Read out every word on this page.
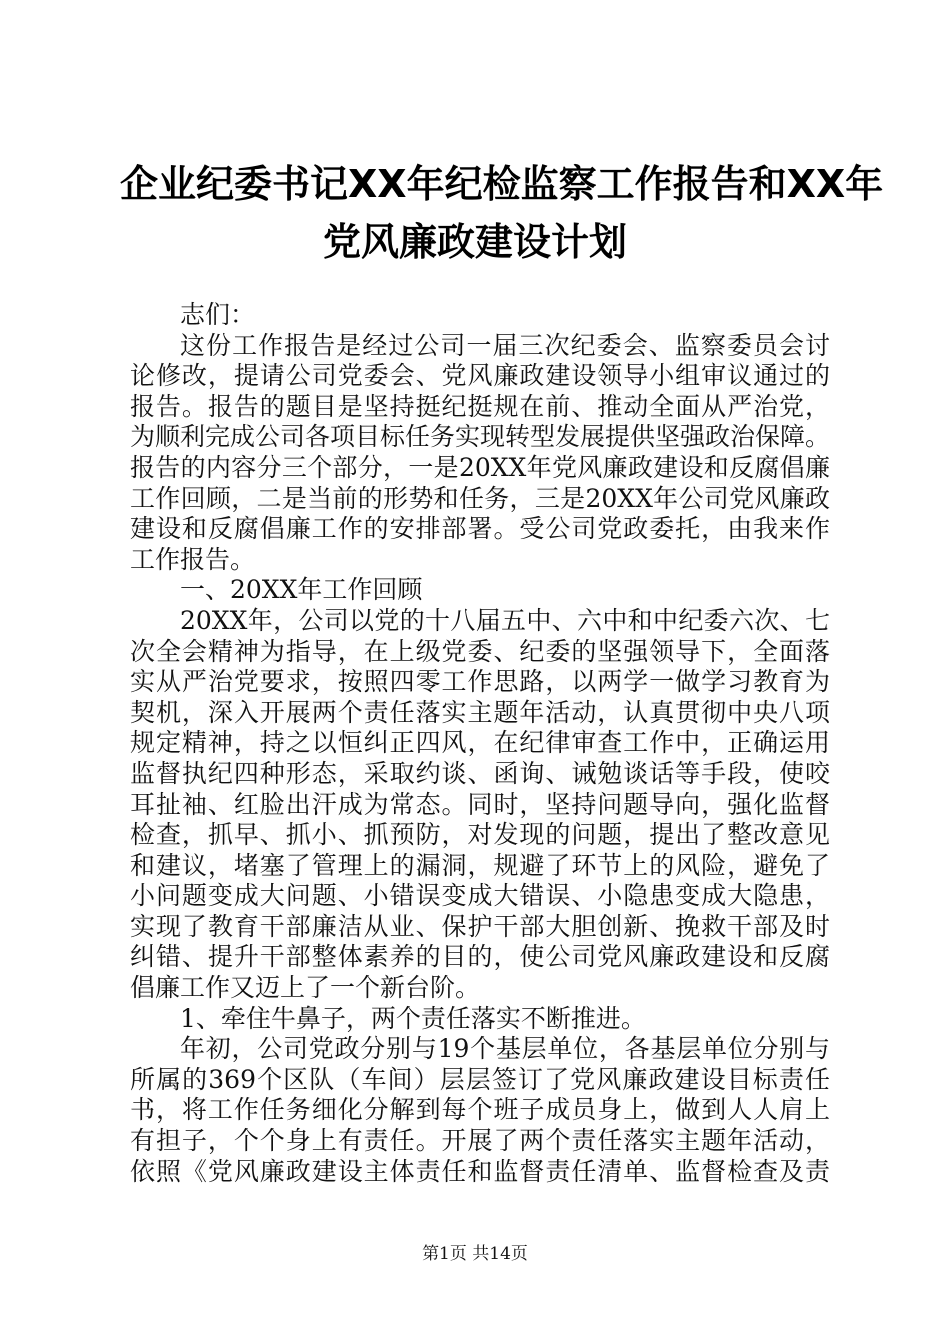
企业纪委书记XX年纪检监察工作报告和XX年
党风廉政建设计划
志们：
这份工作报告是经过公司一届三次纪委会、监察委员会讨
论修改，提请公司党委会、党风廉政建设领导小组审议通过的
报告。报告的题目是坚持挺纪挺规在前、推动全面从严治党，
为顺利完成公司各项目标任务实现转型发展提供坚强政治保障。
报告的内容分三个部分，一是20XX年党风廉政建设和反腐倡廉
工作回顾，二是当前的形势和任务，三是20XX年公司党风廉政
建设和反腐倡廉工作的安排部署。受公司党政委托，由我来作
工作报告。
一、20XX年工作回顾
20XX年，公司以党的十八届五中、六中和中纪委六次、七
次全会精神为指导，在上级党委、纪委的坚强领导下，全面落
实从严治党要求，按照四零工作思路，以两学一做学习教育为
契机，深入开展两个责任落实主题年活动，认真贯彻中央八项
规定精神，持之以恒纠正四风，在纪律审查工作中，正确运用
监督执纪四种形态，采取约谈、函询、诫勉谈话等手段，使咬
耳扯袖、红脸出汗成为常态。同时，坚持问题导向，强化监督
检查，抓早、抓小、抓预防，对发现的问题，提出了整改意见
和建议，堵塞了管理上的漏洞，规避了环节上的风险，避免了
小问题变成大问题、小错误变成大错误、小隐患变成大隐患，
实现了教育干部廉洁从业、保护干部大胆创新、挽救干部及时
纠错、提升干部整体素养的目的，使公司党风廉政建设和反腐
倡廉工作又迈上了一个新台阶。
1、牵住牛鼻子，两个责任落实不断推进。
年初，公司党政分别与19个基层单位，各基层单位分别与
所属的369个区队（车间）层层签订了党风廉政建设目标责任
书，将工作任务细化分解到每个班子成员身上，做到人人肩上
有担子，个个身上有责任。开展了两个责任落实主题年活动，
依照《党风廉政建设主体责任和监督责任清单、监督检查及责
第1页 共14页
